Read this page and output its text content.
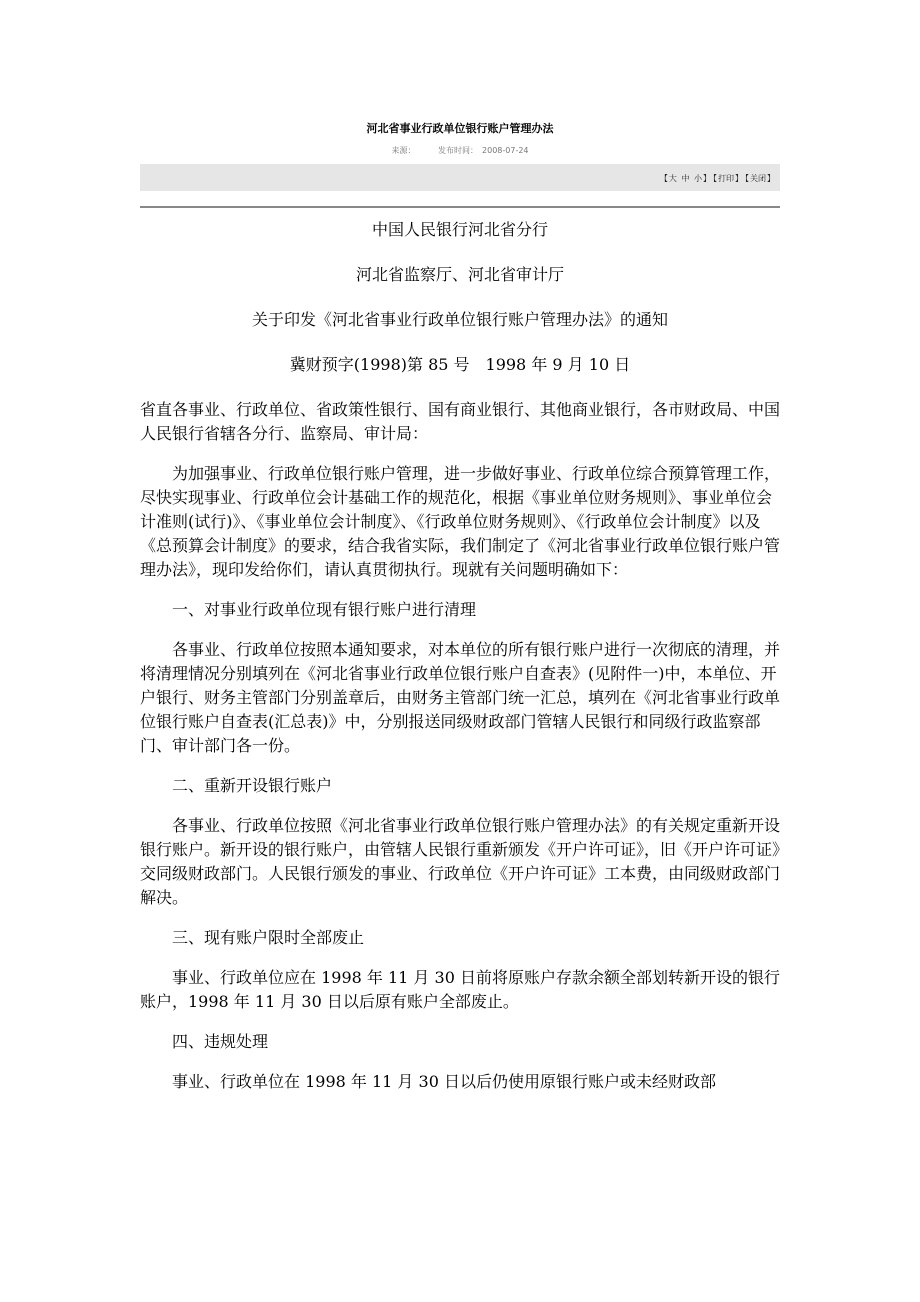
河北省事业行政单位银行账户管理办法
来源：	发布时间： 2008-07-24
【大 中 小】 【打印】 【关闭】

中国人民银行河北省分行

河北省监察厅、河北省审计厅

关于印发《河北省事业行政单位银行账户管理办法》的通知

冀财预字(1998)第 85 号　1998 年 9 月 10 日

省直各事业、行政单位、省政策性银行、国有商业银行、其他商业银行，各市财政局、中国人民银行省辖各分行、监察局、审计局：

为加强事业、行政单位银行账户管理，进一步做好事业、行政单位综合预算管理工作，尽快实现事业、行政单位会计基础工作的规范化，根据《事业单位财务规则》、事业单位会计准则(试行)》、《事业单位会计制度》、《行政单位财务规则》、《行政单位会计制度》以及《总预算会计制度》的要求，结合我省实际，我们制定了《河北省事业行政单位银行账户管理办法》，现印发给你们，请认真贯彻执行。现就有关问题明确如下：

一、对事业行政单位现有银行账户进行清理

各事业、行政单位按照本通知要求，对本单位的所有银行账户进行一次彻底的清理，并将清理情况分别填列在《河北省事业行政单位银行账户自查表》(见附件一)中，本单位、开户银行、财务主管部门分别盖章后，由财务主管部门统一汇总，填列在《河北省事业行政单位银行账户自查表(汇总表)》中，分别报送同级财政部门管辖人民银行和同级行政监察部门、审计部门各一份。

二、重新开设银行账户

各事业、行政单位按照《河北省事业行政单位银行账户管理办法》的有关规定重新开设银行账户。新开设的银行账户，由管辖人民银行重新颁发《开户许可证》，旧《开户许可证》交同级财政部门。人民银行颁发的事业、行政单位《开户许可证》工本费，由同级财政部门解决。

三、现有账户限时全部废止

事业、行政单位应在 1998 年 11 月 30 日前将原账户存款余额全部划转新开设的银行账户，1998 年 11 月 30 日以后原有账户全部废止。

四、违规处理

事业、行政单位在 1998 年 11 月 30 日以后仍使用原银行账户或未经财政部
